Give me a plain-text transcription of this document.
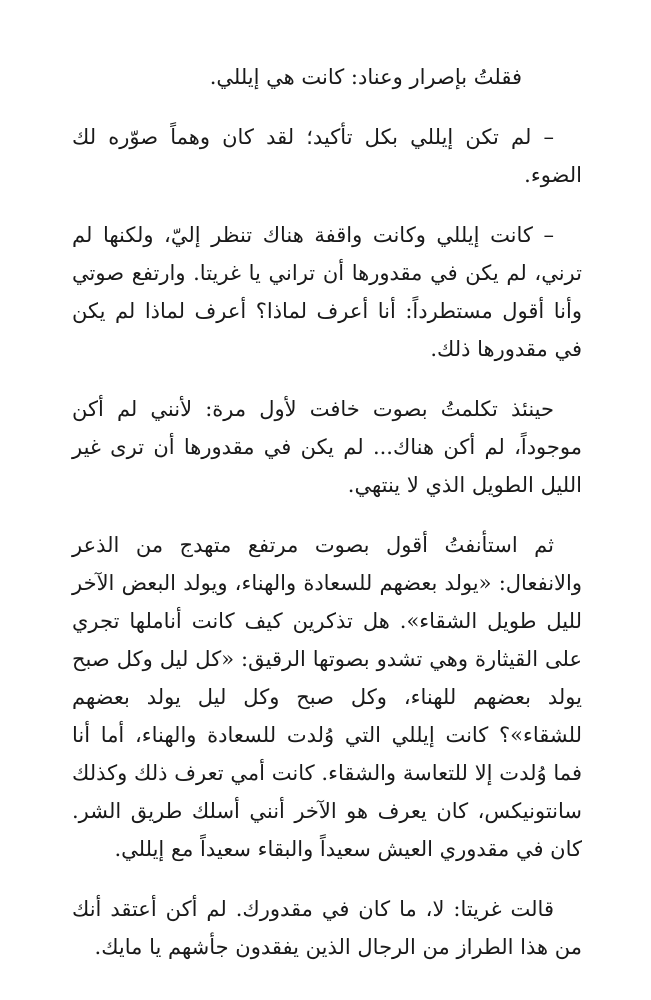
فقلتُ بإصرار وعناد: كانت هي إيللي.

– لم تكن إيللي بكل تأكيد؛ لقد كان وهماً صوّره لك الضوء.

– كانت إيللي وكانت واقفة هناك تنظر إليّ، ولكنها لم ترني، لم يكن في مقدورها أن تراني يا غريتا. وارتفع صوتي وأنا أقول مستطرداً: أنا أعرف لماذا؟ أعرف لماذا لم يكن في مقدورها ذلك.

حينئذ تكلمتُ بصوت خافت لأول مرة: لأنني لم أكن موجوداً، لم أكن هناك... لم يكن في مقدورها أن ترى غير الليل الطويل الذي لا ينتهي.

ثم استأنفتُ أقول بصوت مرتفع متهدج من الذعر والانفعال: «يولد بعضهم للسعادة والهناء، ويولد البعض الآخر لليل طويل الشقاء». هل تذكرين كيف كانت أناملها تجري على القيثارة وهي تشدو بصوتها الرقيق: «كل ليل وكل صبح يولد بعضهم للهناء، وكل صبح وكل ليل يولد بعضهم للشقاء»؟ كانت إيللي التي وُلدت للسعادة والهناء، أما أنا فما وُلدت إلا للتعاسة والشقاء. كانت أمي تعرف ذلك وكذلك سانتونيكس، كان يعرف هو الآخر أنني أسلك طريق الشر. كان في مقدوري العيش سعيداً والبقاء سعيداً مع إيللي.

قالت غريتا: لا، ما كان في مقدورك. لم أكن أعتقد أنك من هذا الطراز من الرجال الذين يفقدون جأشهم يا مايك.
